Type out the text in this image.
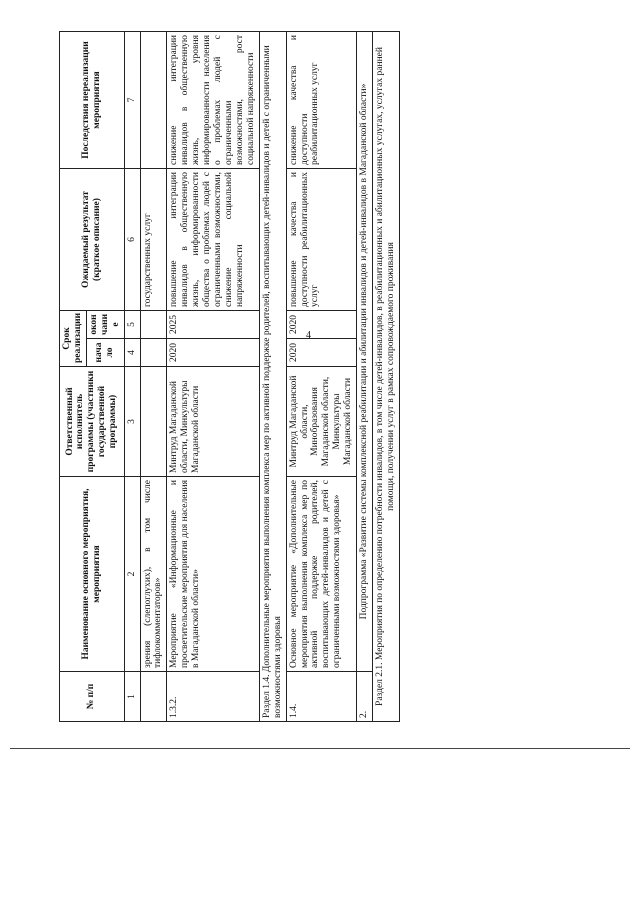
4
№ п/п	Наименование основного мероприятия, мероприятия	Ответственный исполнитель программы (участники государственной программы)	Срок реализации		Ожидаемый результат (краткое описание)	Последствия нереализации мероприятия
			нача ло	окон чани е		
1	2	3	4	5	6	7
	зрения (слепоглухих), в том числе тифлокомментаторов»				государственных услуг	
1.3.2.	Мероприятие «Информационные и просветительские мероприятия для населения в Магаданской области»	Минтруд Магаданской области, Минкультуры Магаданской области	2020	2025	повышение интеграции инвалидов в общественную жизнь, информированности общества о проблемах людей с ограниченными возможностями, снижение социальной напряженности	снижение интеграции инвалидов в общественную жизнь, уровня информированности населения о проблемах людей с ограниченными возможностями, рост социальной напряженности
Раздел 1.4. Дополнительные мероприятия выполнения комплекса мер по активной поддержке родителей, воспитывающих детей-инвалидов и детей с ограниченными возможностями здоровья						
1.4.	Основное мероприятие «Дополнительные мероприятия выполнения комплекса мер по активной поддержке родителей, воспитывающих детей-инвалидов и детей с ограниченными возможностями здоровья»	Минтруд Магаданской области, Минобразования Магаданской области, Минкультуры Магаданской области	2020	2020	повышение качества и доступности реабилитационных услуг	снижение качества и доступности реабилитационных услуг
2.	Подпрограмма «Развитие системы комплексной реабилитации и абилитации инвалидов и детей-инвалидов в Магаданской области»					
Раздел 2.1. Мероприятия по определению потребности инвалидов, в том числе детей-инвалидов, в реабилитационных и абилитационных услугах, услугах ранней помощи, получении услуг в рамках сопровождаемого проживания						
